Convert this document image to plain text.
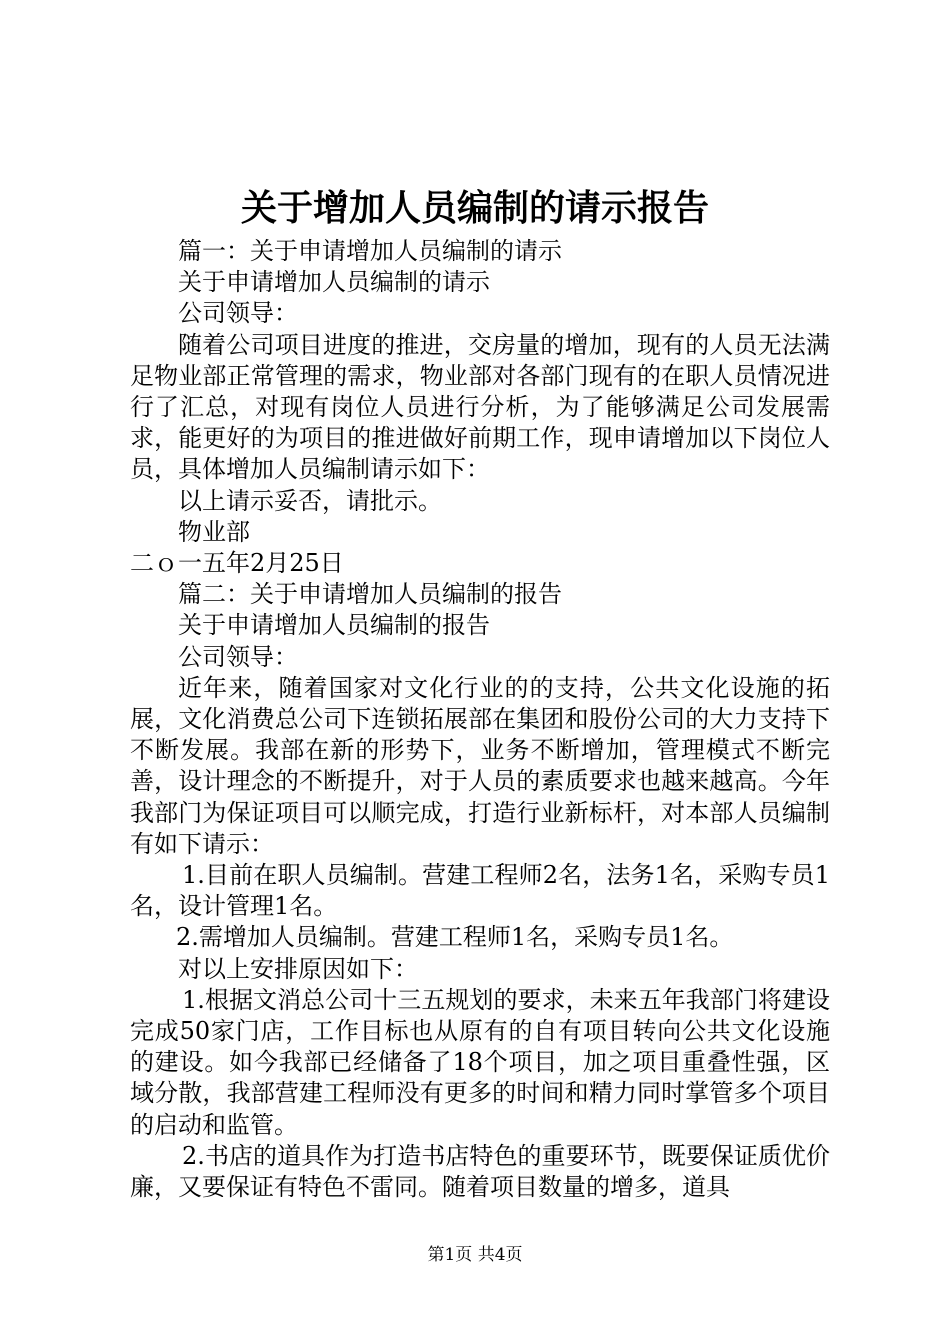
关于增加人员编制的请示报告

篇一：关于申请增加人员编制的请示

关于申请增加人员编制的请示

公司领导：

随着公司项目进度的推进，交房量的增加，现有的人员无法满足物业部正常管理的需求，物业部对各部门现有的在职人员情况进行了汇总，对现有岗位人员进行分析，为了能够满足公司发展需求，能更好的为项目的推进做好前期工作，现申请增加以下岗位人员，具体增加人员编制请示如下：

以上请示妥否，请批示。

物业部

二ｏ一五年2月25日

篇二：关于申请增加人员编制的报告

关于申请增加人员编制的报告

公司领导：

近年来，随着国家对文化行业的的支持，公共文化设施的拓展，文化消费总公司下连锁拓展部在集团和股份公司的大力支持下不断发展。我部在新的形势下，业务不断增加，管理模式不断完善，设计理念的不断提升，对于人员的素质要求也越来越高。今年我部门为保证项目可以顺完成，打造行业新标杆，对本部人员编制有如下请示：

1.目前在职人员编制。营建工程师2名，法务1名，采购专员1名，设计管理1名。

2.需增加人员编制。营建工程师1名，采购专员1名。

对以上安排原因如下：

1.根据文消总公司十三五规划的要求，未来五年我部门将建设完成50家门店，工作目标也从原有的自有项目转向公共文化设施的建设。如今我部已经储备了18个项目，加之项目重叠性强，区域分散，我部营建工程师没有更多的时间和精力同时掌管多个项目的启动和监管。

2.书店的道具作为打造书店特色的重要环节，既要保证质优价廉，又要保证有特色不雷同。随着项目数量的增多，道具

第1页 共4页
